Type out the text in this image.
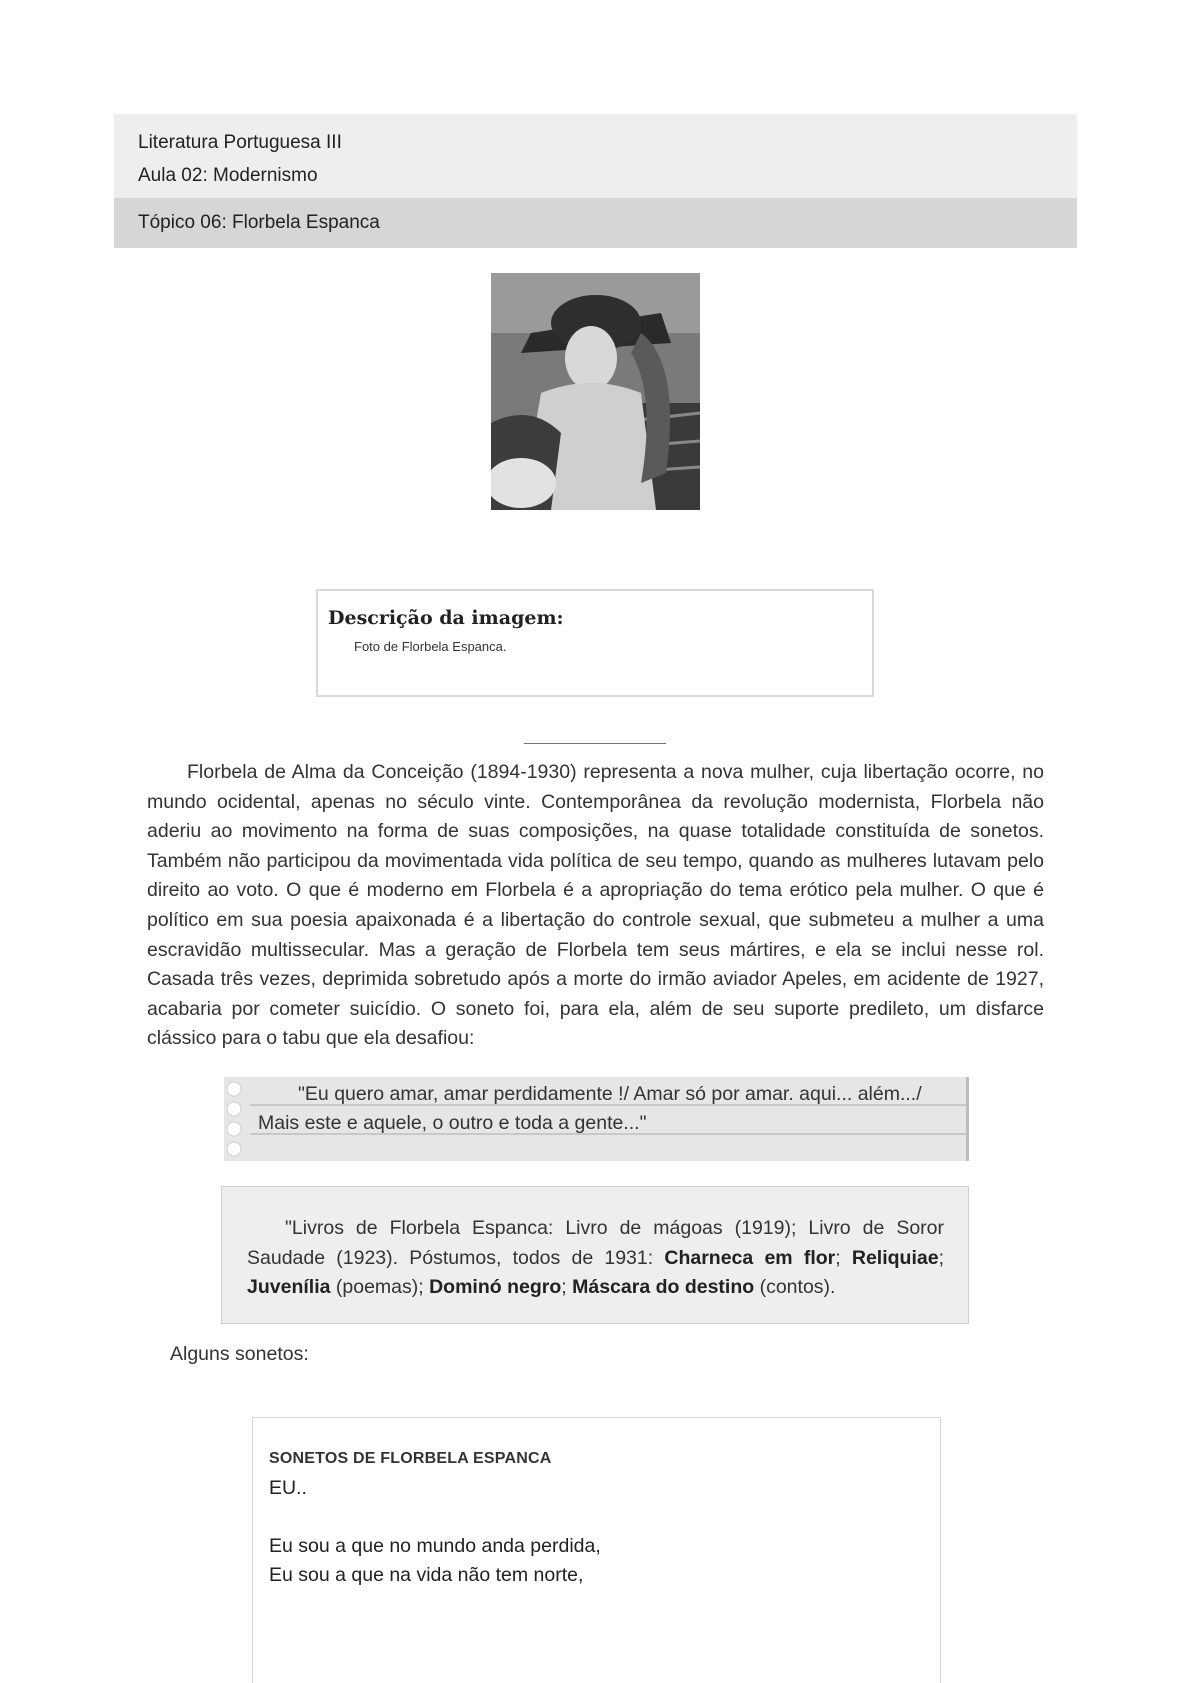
Literatura Portuguesa III
Aula 02: Modernismo
Tópico 06: Florbela Espanca
Descrição da imagem:
Foto de Florbela Espanca.

Florbela de Alma da Conceição (1894-1930) representa a nova mulher, cuja libertação ocorre, no mundo ocidental, apenas no século vinte. Contemporânea da revolução modernista, Florbela não aderiu ao movimento na forma de suas composições, na quase totalidade constituída de sonetos. Também não participou da movimentada vida política de seu tempo, quando as mulheres lutavam pelo direito ao voto. O que é moderno em Florbela é a apropriação do tema erótico pela mulher. O que é político em sua poesia apaixonada é a libertação do controle sexual, que submeteu a mulher a uma escravidão multissecular. Mas a geração de Florbela tem seus mártires, e ela se inclui nesse rol. Casada três vezes, deprimida sobretudo após a morte do irmão aviador Apeles, em acidente de 1927, acabaria por cometer suicídio. O soneto foi, para ela, além de seu suporte predileto, um disfarce clássico para o tabu que ela desafiou:

"Eu quero amar, amar perdidamente !/ Amar só por amar. aqui... além.../
Mais este e aquele, o outro e toda a gente..."
"Livros de Florbela Espanca: Livro de mágoas (1919); Livro de Soror Saudade (1923). Póstumos, todos de 1931: Charneca em flor; Reliquiae; Juvenília (poemas); Dominó negro; Máscara do destino (contos).
Alguns sonetos:
SONETOS DE FLORBELA ESPANCA
EU..
Eu sou a que no mundo anda perdida,
Eu sou a que na vida não tem norte,
